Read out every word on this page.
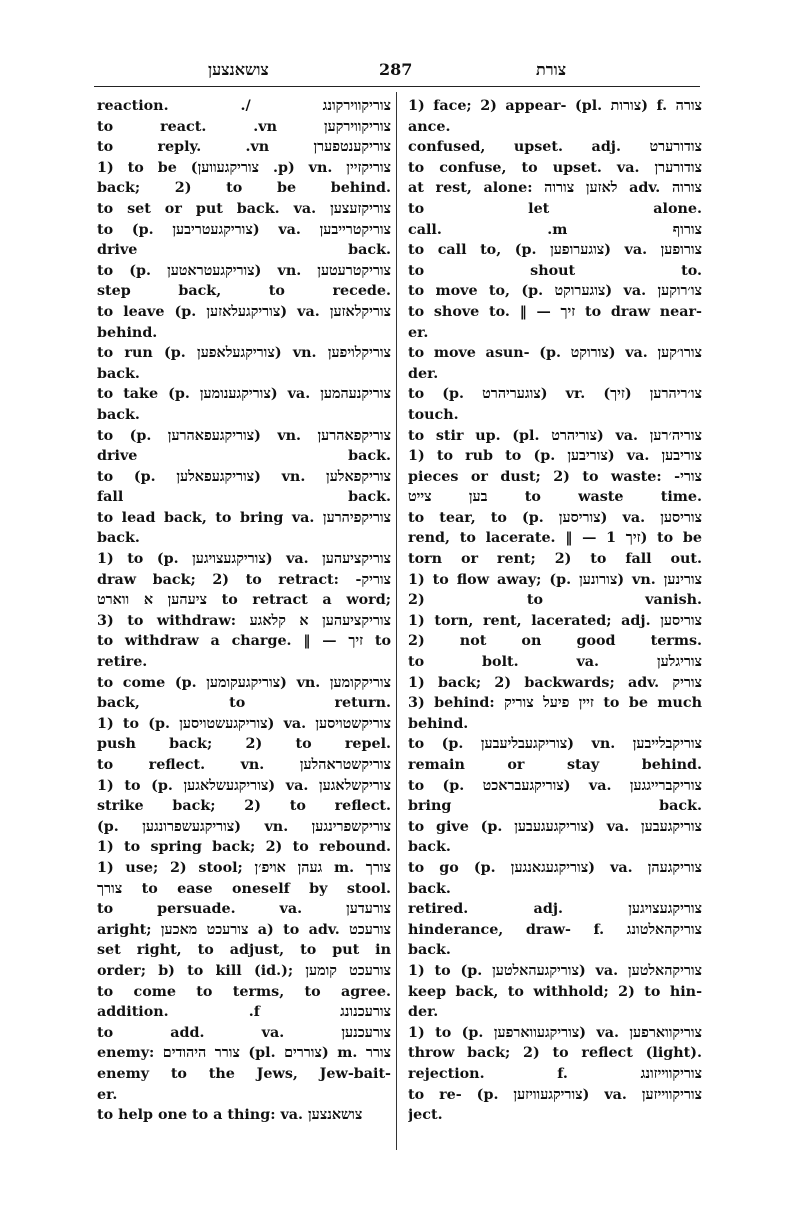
צושאנצען	287	צורת
reaction. ./ צוריקווירקונג
to react. .vn צוריקווירקען
to reply. .vn צוריקענטפערן
1) to be (צוריקגעווען .p) vn. צוריקזיין
back; 2) to be behind.
to set or put back. va. צוריקזעצען
to (p. צוריקגעטריבען) va. צוריקטרייבען
drive back.
to (p. צוריקגעטראטען) vn. צוריקטרעטען
step back, to recede.
to leave (p. צוריקגעלאזען) va. צוריקלאזען
behind.
to run (p. צוריקגעלאפען) vn. צוריקלויפען
back.
to take (p. צוריקגענומען) va. צוריקנעהמען
back.
to (p. צוריקגעפאהרען) vn. צוריקפאהרען
drive back.
to (p. צוריקגעפאלען) vn. צוריקפאלען
fall back.
to lead back, to bring va. צוריקפיהרען
back.
1) to (p. צוריקגעצויגען) va. צוריקציעהען
draw back; 2) to retract: -צוריק
ציעהען א ווארט to retract a word;
3) to withdraw: צוריקציעהען א קלאגע
to withdraw a charge. ‖ — זיך to
retire.
to come (p. צוריקגעקומען) vn. צוריקקומען
back, to return.
1) to (p. צוריקגעשטויסען) va. צוריקשטויסען
push back; 2) to repel.
to reflect. vn. צוריקשטראהלען
1) to (p. צוריקגעשלאגען) va. צוריקשלאגען
strike back; 2) to reflect.
(p. צוריקגעשפרונגען) vn. צוריקשפרינגען
1) to spring back; 2) to rebound.
1) use; 2) stool; געהן אויפ׳ן m. צורך
צורך to ease oneself by stool.
to persuade. va. צורעדען
aright; צורעכט מאכען a) to adv. צורעכט
set right, to adjust, to put in
order; b) to kill (id.); צורעכט קומען
to come to terms, to agree.
addition. .f צורעכנונג
to add. va. צורעכנען
enemy: צורר היהודים (pl. צוררים) m. צורר
enemy to the Jews, Jew-bait-
er.
to help one to a thing: va. צושאנצען
1) face; 2) appear- (pl. צורות) f. צורה
ance.
confused, upset. adj. צודורערט
to confuse, to upset. va. צודורערן
at rest, alone: לאזען צורוה adv. צורוה
to let alone.
call. .m צורוף
to call to, (p. צוגערופען) va. צורופען
to shout to.
to move to, (p. צוגערוקט) va. צו׳רוקען
to shove to. ‖ — זיך to draw near-
er.
to move asun- (p. צורוקט) va. צורו׳קען
der.
to (p. צוגעריהרט) vr. (זיך) צו׳ריהרען
touch.
to stir up. (pl. צוריהרט) va. צוריה׳רען
1) to rub to (p. צוריבען) va. צוריבען
pieces or dust; 2) to waste: -צורי
בען צייט to waste time.
to tear, to (p. צוריסען) va. צוריסען
rend, to lacerate. ‖ — זיך 1) to be
torn or rent; 2) to fall out.
1) to flow away; (p. צורונען) vn. צורינען
2) to vanish.
1) torn, rent, lacerated; adj. צוריסען
2) not on good terms.
to bolt. va. צוריגלען
1) back; 2) backwards; adv. צוריק
3) behind: זיין פיעל צוריק to be much
behind.
to (p. צוריקגעבליעבען) vn. צוריקבלייבען
remain or stay behind.
to (p. צוריקגעבראכט) va. צוריקברייגגען
bring back.
to give (p. צוריקגעגעבען) va. צוריקגעבען
back.
to go (p. צוריקגעגאנגען) va. צוריקגעהן
back.
retired. adj. צוריקגעצויגען
hinderance, draw- f. צוריקהאלטונג
back.
1) to (p. צוריקגעהאלטען) va. צוריקהאלטען
keep back, to withhold; 2) to hin-
der.
1) to (p. צוריקגעווארפען) va. צוריקווארפען
throw back; 2) to reflect (light).
rejection. f. צוריקווייזונג
to re- (p. צוריקגעוויזען) va. צוריקווייזען
ject.
